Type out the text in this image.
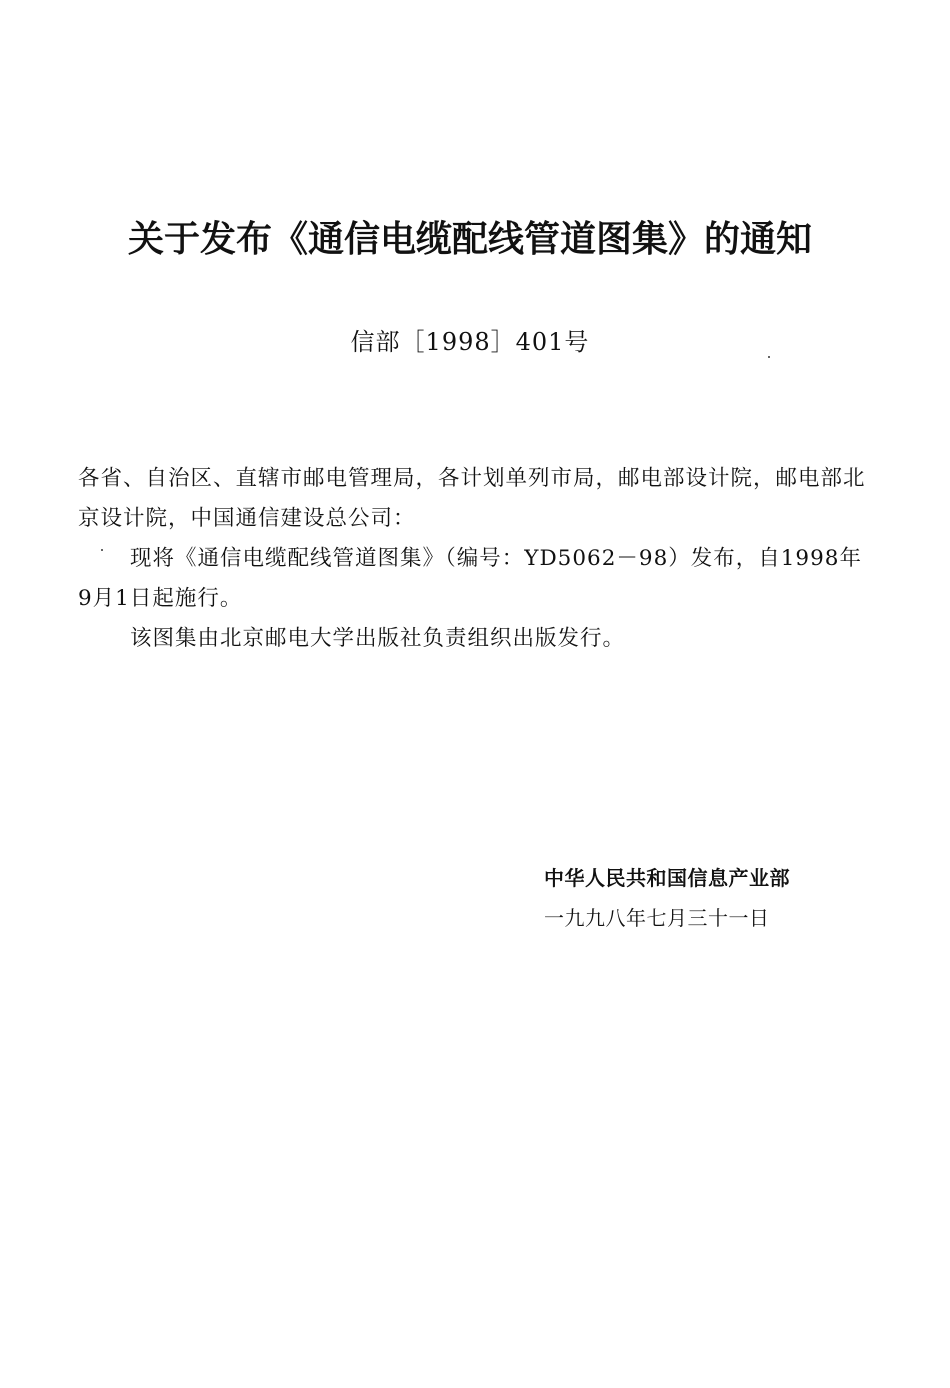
关于发布《通信电缆配线管道图集》的通知
信部［1998］401号

各省、自治区、直辖市邮电管理局，各计划单列市局，邮电部设计院，邮电部北京设计院，中国通信建设总公司：

现将《通信电缆配线管道图集》（编号：YD5062－98）发布，自1998年9月1日起施行。

该图集由北京邮电大学出版社负责组织出版发行。

中华人民共和国信息产业部
一九九八年七月三十一日
